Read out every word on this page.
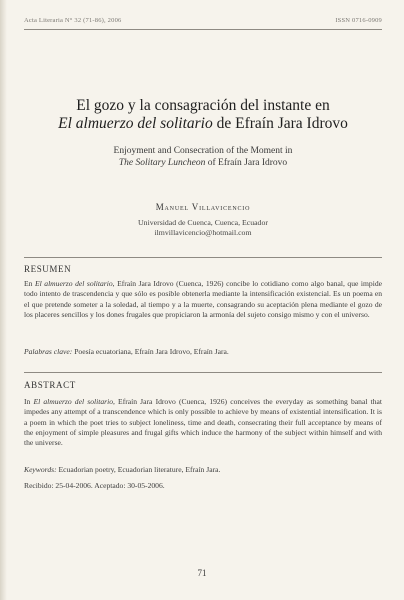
Acta Literaria N° 32 (71-86), 2006	ISSN 0716-0909
El gozo y la consagración del instante en
El almuerzo del solitario de Efraín Jara Idrovo
Enjoyment and Consecration of the Moment in
The Solitary Luncheon of Efraín Jara Idrovo
Manuel Villavicencio
Universidad de Cuenca, Cuenca, Ecuador
ilmvillavicencio@hotmail.com
RESUMEN
En El almuerzo del solitario, Efraín Jara Idrovo (Cuenca, 1926) concibe lo cotidiano como algo banal, que impide todo intento de trascendencia y que sólo es posible obtenerla mediante la intensificación existencial. Es un poema en el que pretende someter a la soledad, al tiempo y a la muerte, consagrando su aceptación plena mediante el gozo de los placeres sencillos y los dones frugales que propiciaron la armonía del sujeto consigo mismo y con el universo.
Palabras clave: Poesía ecuatoriana, Efraín Jara Idrovo, Efraín Jara.
ABSTRACT
In El almuerzo del solitario, Efraín Jara Idrovo (Cuenca, 1926) conceives the everyday as something banal that impedes any attempt of a transcendence which is only possible to achieve by means of existential intensification. It is a poem in which the poet tries to subject loneliness, time and death, consecrating their full acceptance by means of the enjoyment of simple pleasures and frugal gifts which induce the harmony of the subject within himself and with the universe.
Keywords: Ecuadorian poetry, Ecuadorian literature, Efraín Jara.
Recibido: 25-04-2006. Aceptado: 30-05-2006.
71
